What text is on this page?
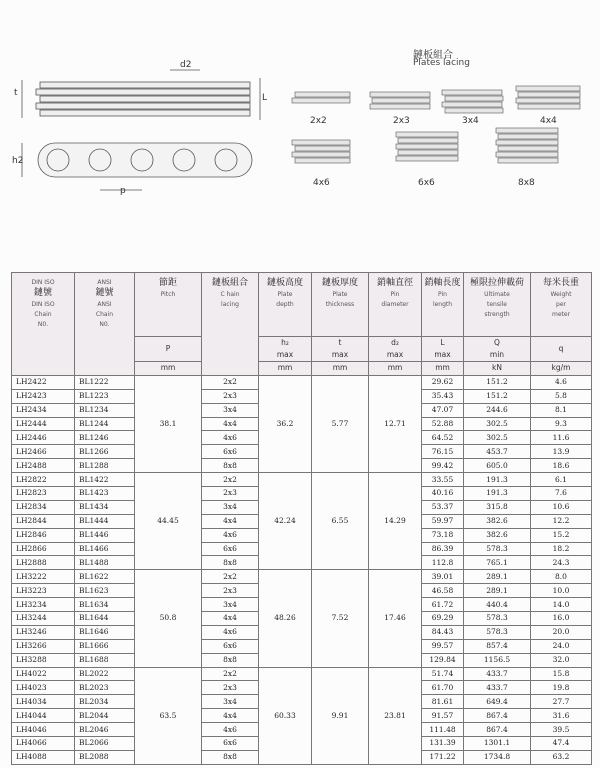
d2
t	L
h2
p
鏈板組合
Plates lacing
2x2	2x3	3x4	4x4
4x6	6x6	8x8
DIN ISO
鏈號
DIN ISO
Chain
N0.	ANSI
鏈號
ANSI
Chain
N0.	節距
Pitch	鏈板組合
C hain
lacing	鏈板高度
Plate
depth	鏈板厚度
Plate
thickness	銷軸直徑
Pin
diameter	銷軸長度
Pin
length	極限拉伸載荷
Ultimate
tensile
strength	每米長重
Weight
per
meter

		P		h₂
max	t
max	d₂
max	L
max	Q
min	q
		mm		mm	mm	mm	mm	kN	kg/m
LH2422	BL1222	38.1	2x2	36.2	5.77	12.71	29.62	151.2	4.6
LH2423	BL1223		2x3				35.43	151.2	5.8
LH2434	BL1234		3x4				47.07	244.6	8.1
LH2444	BL1244		4x4				52.88	302.5	9.3
LH2446	BL1246		4x6				64.52	302.5	11.6
LH2466	BL1266		6x6				76.15	453.7	13.9
LH2488	BL1288		8x8				99.42	605.0	18.6
LH2822	BL1422	44.45	2x2	42.24	6.55	14.29	33.55	191.3	6.1
LH2823	BL1423		2x3				40.16	191.3	7.6
LH2834	BL1434		3x4				53.37	315.8	10.6
LH2844	BL1444		4x4				59.97	382.6	12.2
LH2846	BL1446		4x6				73.18	382.6	15.2
LH2866	BL1466		6x6				86.39	578.3	18.2
LH2888	BL1488		8x8				112.8	765.1	24.3
LH3222	BL1622	50.8	2x2	48.26	7.52	17.46	39.01	289.1	8.0
LH3223	BL1623		2x3				46.58	289.1	10.0
LH3234	BL1634		3x4				61.72	440.4	14.0
LH3244	BL1644		4x4				69.29	578.3	16.0
LH3246	BL1646		4x6				84.43	578.3	20.0
LH3266	BL1666		6x6				99.57	857.4	24.0
LH3288	BL1688		8x8				129.84	1156.5	32.0
LH4022	BL2022	63.5	2x2	60.33	9.91	23.81	51.74	433.7	15.8
LH4023	BL2023		2x3				61.70	433.7	19.8
LH4034	BL2034		3x4				81.61	649.4	27.7
LH4044	BL2044		4x4				91.57	867.4	31.6
LH4046	BL2046		4x6				111.48	867.4	39.5
LH4066	BL2066		6x6				131.39	1301.1	47.4
LH4088	BL2088		8x8				171.22	1734.8	63.2
